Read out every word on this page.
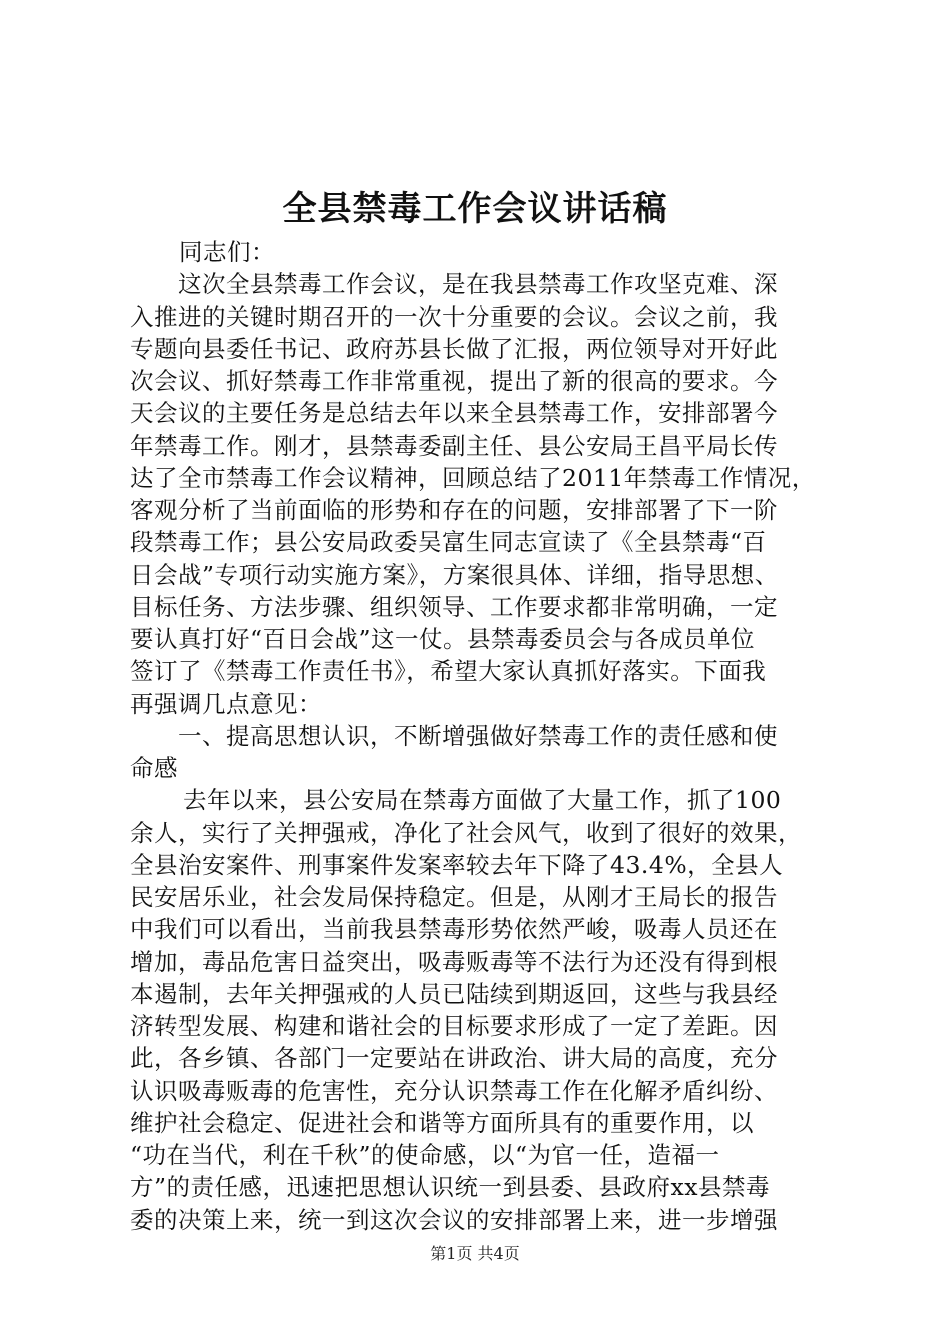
全县禁毒工作会议讲话稿
同志们：
这次全县禁毒工作会议，是在我县禁毒工作攻坚克难、深
入推进的关键时期召开的一次十分重要的会议。会议之前，我
专题向县委任书记、政府苏县长做了汇报，两位领导对开好此
次会议、抓好禁毒工作非常重视，提出了新的很高的要求。今
天会议的主要任务是总结去年以来全县禁毒工作，安排部署今
年禁毒工作。刚才，县禁毒委副主任、县公安局王昌平局长传
达了全市禁毒工作会议精神，回顾总结了2011年禁毒工作情况，
客观分析了当前面临的形势和存在的问题，安排部署了下一阶
段禁毒工作；县公安局政委吴富生同志宣读了《全县禁毒“百
日会战”专项行动实施方案》，方案很具体、详细，指导思想、
目标任务、方法步骤、组织领导、工作要求都非常明确，一定
要认真打好“百日会战”这一仗。县禁毒委员会与各成员单位
签订了《禁毒工作责任书》，希望大家认真抓好落实。下面我
再强调几点意见：
一、提高思想认识，不断增强做好禁毒工作的责任感和使
命感
去年以来，县公安局在禁毒方面做了大量工作，抓了100
余人，实行了关押强戒，净化了社会风气，收到了很好的效果，
全县治安案件、刑事案件发案率较去年下降了43.4%，全县人
民安居乐业，社会发局保持稳定。但是，从刚才王局长的报告
中我们可以看出，当前我县禁毒形势依然严峻，吸毒人员还在
增加，毒品危害日益突出，吸毒贩毒等不法行为还没有得到根
本遏制，去年关押强戒的人员已陆续到期返回，这些与我县经
济转型发展、构建和谐社会的目标要求形成了一定了差距。因
此，各乡镇、各部门一定要站在讲政治、讲大局的高度，充分
认识吸毒贩毒的危害性，充分认识禁毒工作在化解矛盾纠纷、
维护社会稳定、促进社会和谐等方面所具有的重要作用，以
“功在当代，利在千秋”的使命感，以“为官一任，造福一
方”的责任感，迅速把思想认识统一到县委、县政府xx县禁毒
委的决策上来，统一到这次会议的安排部署上来，进一步增强
第1页 共4页
